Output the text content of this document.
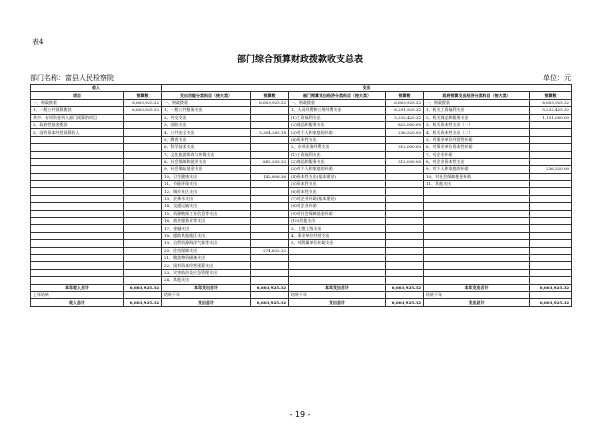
表4
部门综合预算财政拨款收支总表
部门名称：富县人民检察院	单位：元
收入		支出					
项目	预算数	支出功能分类科目（按大类）	预算数	部门预算支出经济分类科目（按大类）	预算数	政府预算支出经济分类科目（按大类）	预算数
一、财政拨款	6,603,925.32	一、财政拨款	6,603,925.32	一、财政拨款	6,603,925.32	一、财政拨款	6,603,925.32
1、一般公共预算拨款	6,603,925.32	1、一般公共服务支出		1、人员经费和公用经费支出	6,291,925.32	1、机关工资福利支出	5,232,425.32
其中：专项资金列入部门预算的项目		2、外交支出		(1)工资福利支出	5,232,425.32	2、机关商品和服务支出	1,151,000.00
2、政府性基金拨款		3、国防支出		(2)商品和服务支出	822,000.00	3、机关资本性支出（一）	
3、国有资本经营预算收入		4、公共安全支出	5,304,285.18	(3)对个人和家庭的补助	236,520.00	4、机关资本性支出（二）	
		5、教育支出		(4)资本性支出		5、对事业单位经常性补助	
		6、科学技术支出		2、专项业务经费支出	312,000.00	6、对事业单位资本性补助	
		7、文化旅游体育与传媒支出		(1)工资福利支出		7、对企业补助	
		8、社会保障和就业支出	882,205.32	(2)商品和服务支出	312,000.00	8、对企业资本性支出	
		9、社会保险基金支出		(3)对个人和家庭的补助		9、对个人和家庭的补助	236,520.00
		10、卫生健康支出	142,808.36	(4)资本性支出(基本建设)		10、对社会保障基金补助	
		11、节能环保支出		(5)资本性支出		11、其他支出	
		12、城乡社区支出		(6)资本性支出			
		13、农林水支出		(7)对企业补助(基本建设)			
		14、交通运输支出		(8)对企业补助			
		15、资源勘探工业信息等支出		(9)对社会保障基金补助			
		16、商业服务业等支出		(10)其他支出			
		17、金融支出		3、上缴上级支出			
		18、援助其他地区支出		4、事业单位经营支出			
		19、自然资源海洋气象等支出		5、对附属单位补助支出			
		20、住房保障支出	274,632.32				
		21、粮油物资储备支出					
		22、国有资本经营预算支出					
		23、灾害防治及应急管理支出					
		24、其他支出					
本年收入合计	6,603,925.32	本年支出合计	6,603,925.32	本年支出合计	6,603,925.32	本年支出合计	6,603,925.32
上年结转		结转下年		结转下年		结转下年	
收入总计	6,603,925.32	支出总计	6,603,925.32	支出总计	6,603,925.32	支出总计	6,603,925.32
- 19 -
